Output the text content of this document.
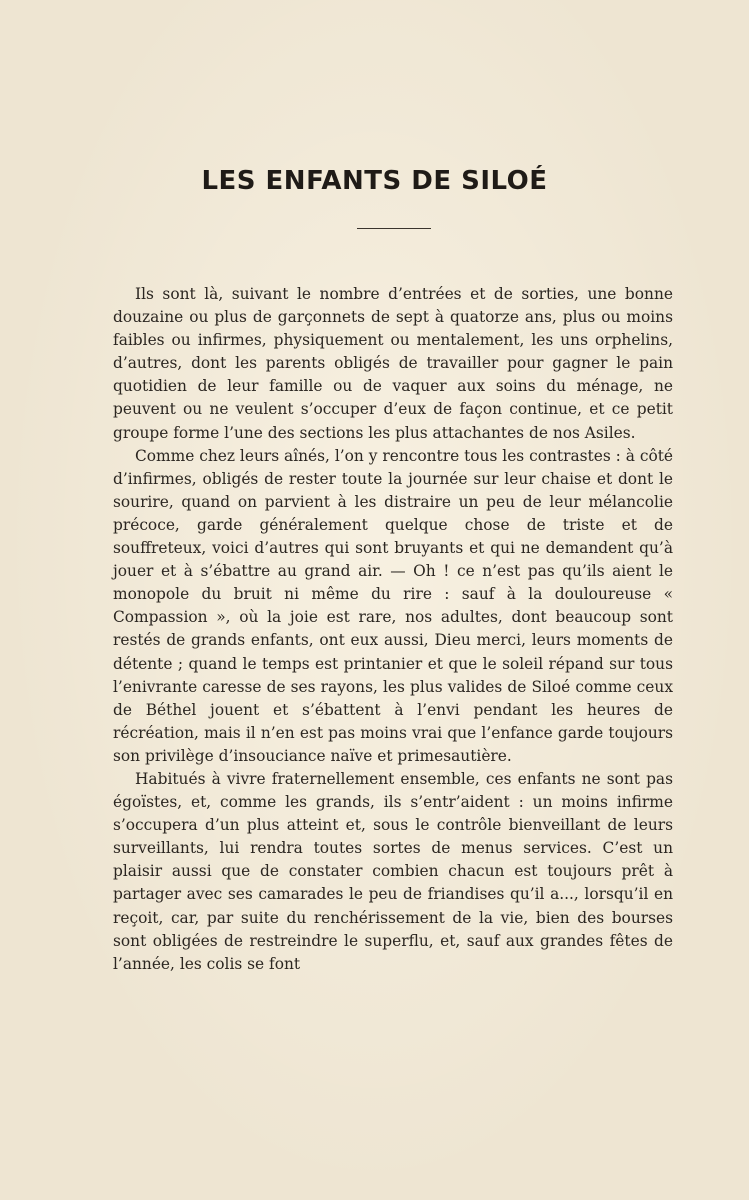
LES ENFANTS DE SILOÉ

Ils sont là, suivant le nombre d’entrées et de sorties, une bonne douzaine ou plus de garçonnets de sept à quatorze ans, plus ou moins faibles ou infirmes, physiquement ou mentalement, les uns orphelins, d’autres, dont les parents obligés de travailler pour gagner le pain quotidien de leur famille ou de vaquer aux soins du ménage, ne peuvent ou ne veulent s’occuper d’eux de façon continue, et ce petit groupe forme l’une des sections les plus attachantes de nos Asiles.

Comme chez leurs aînés, l’on y rencontre tous les contrastes : à côté d’infirmes, obligés de rester toute la journée sur leur chaise et dont le sourire, quand on parvient à les distraire un peu de leur mélancolie précoce, garde généralement quelque chose de triste et de souffreteux, voici d’autres qui sont bruyants et qui ne demandent qu’à jouer et à s’ébattre au grand air. — Oh ! ce n’est pas qu’ils aient le monopole du bruit ni même du rire : sauf à la douloureuse « Compassion », où la joie est rare, nos adultes, dont beaucoup sont restés de grands enfants, ont eux aussi, Dieu merci, leurs moments de détente ; quand le temps est printanier et que le soleil répand sur tous l’enivrante caresse de ses rayons, les plus valides de Siloé comme ceux de Béthel jouent et s’ébattent à l’envi pendant les heures de récréation, mais il n’en est pas moins vrai que l’enfance garde toujours son privilège d’insouciance naïve et primesautière.

Habitués à vivre fraternellement ensemble, ces enfants ne sont pas égoïstes, et, comme les grands, ils s’entr’aident : un moins infirme s’occupera d’un plus atteint et, sous le contrôle bienveillant de leurs surveillants, lui rendra toutes sortes de menus services. C’est un plaisir aussi que de constater combien chacun est toujours prêt à partager avec ses camarades le peu de friandises qu’il a..., lorsqu’il en reçoit, car, par suite du renchérissement de la vie, bien des bourses sont obligées de restreindre le superflu, et, sauf aux grandes fêtes de l’année, les colis se font
